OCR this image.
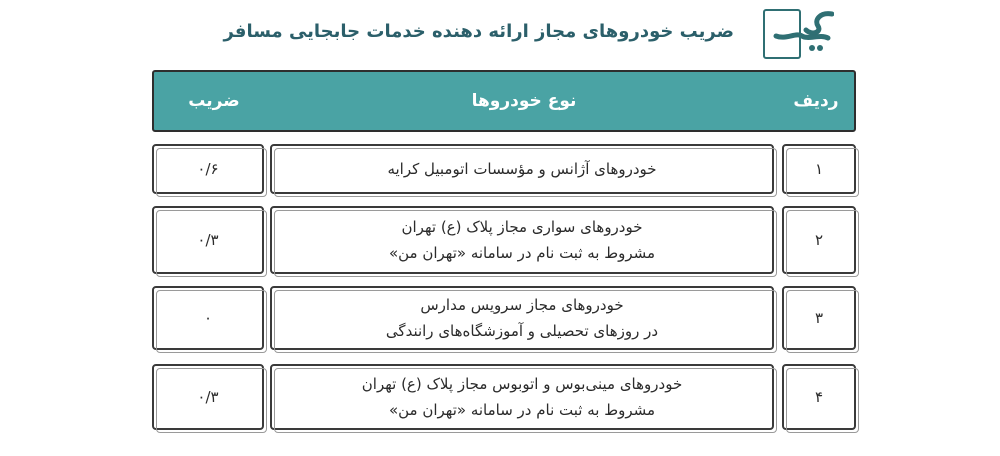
ضریب خودروهای مجاز ارائه دهنده خدمات جابجایی مسافر
ردیف
نوع خودروها
ضریب
۱
خودروهای آژانس و مؤسسات اتومبیل کرایه
۰/۶
۲
خودروهای سواری مجاز پلاک (ع) تهران
مشروط به ثبت نام در سامانه «تهران من»
۰/۳
۳
خودروهای مجاز سرویس مدارس
در روزهای تحصیلی و آموزشگاه‌های رانندگی
۰
۴
خودروهای مینی‌بوس و اتوبوس مجاز پلاک (ع) تهران
مشروط به ثبت نام در سامانه «تهران من»
۰/۳
